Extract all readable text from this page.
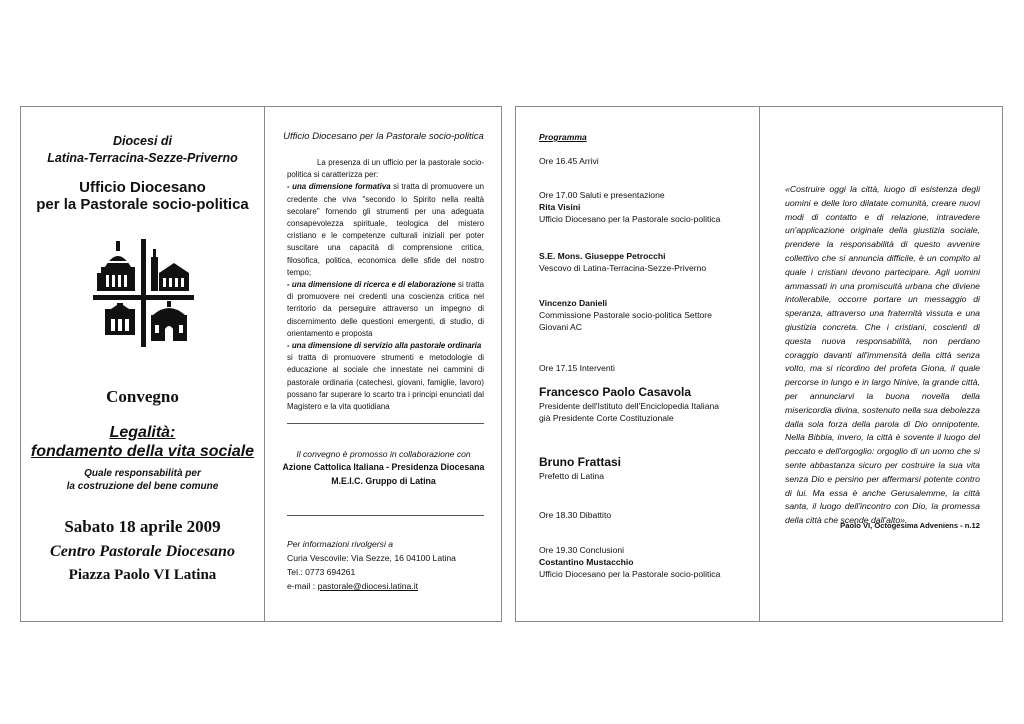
Diocesi di
Latina-Terracina-Sezze-Priverno

Ufficio Diocesano
per la Pastorale socio-politica

Convegno

Legalità:
fondamento della vita sociale

Quale responsabilità per
la costruzione del bene comune

Sabato 18 aprile 2009

Centro Pastorale Diocesano

Piazza Paolo VI Latina

Ufficio Diocesano per la Pastorale socio-politica

La presenza di un ufficio per la pastorale socio-politica si caratterizza per:

- una dimensione formativa si tratta di promuovere un credente che viva "secondo lo Spirito nella realtà secolare" fornendo gli strumenti per una adeguata consapevolezza spirituale, teologica del mistero cristiano e le competenze culturali iniziali per poter suscitare una capacità di comprensione critica, filosofica, politica, economica delle sfide del nostro tempo;

- una dimensione di ricerca e di elaborazione si tratta di promuovere nei credenti una coscienza critica nel territorio da perseguire attraverso un impegno di discernimento delle questioni emergenti, di studio, di orientamento e proposta

- una dimensione di servizio alla pastorale ordinaria

si tratta di promuovere strumenti e metodologie di educazione al sociale che innestate nei cammini di pastorale ordinaria (catechesi, giovani, famiglie, lavoro) possano far superare lo scarto tra i principi enunciati dal Magistero e la vita quotidiana

Il convegno è promosso in collaborazione con

Azione Cattolica Italiana - Presidenza Diocesana

M.E.I.C. Gruppo di Latina

Per informazioni rivolgersi a

Curia Vescovile: Via Sezze, 16 04100 Latina

Tel.: 0773 694261

e-mail : pastorale@diocesi.latina.it

Programma

Ore 16.45 Arrivi

Ore 17.00 Saluti e presentazione

Rita Visini

Ufficio Diocesano per la Pastorale socio-politica

S.E. Mons. Giuseppe Petrocchi

Vescovo di Latina-Terracina-Sezze-Priverno

Vincenzo Danieli

Commissione Pastorale socio-politica Settore

Giovani AC

Ore 17.15 Interventi

Francesco Paolo Casavola

Presidente dell'Istituto dell'Enciclopedia Italiana

già Presidente Corte Costituzionale

Bruno Frattasi

Prefetto di Latina

Ore 18.30 Dibattito

Ore 19.30 Conclusioni

Costantino Mustacchio

Ufficio Diocesano per la Pastorale socio-politica

«Costruire oggi la città, luogo di esistenza degli uomini e delle loro dilatate comunità, creare nuovi modi di contatto e di relazione, intravedere un'applicazione originale della giustizia sociale, prendere la responsabilità di questo avvenire collettivo che si annuncia difficile, è un compito al quale i cristiani devono partecipare. Agli uomini ammassati in una promiscuità urbana che diviene intollerabile, occorre portare un messaggio di speranza, attraverso una fraternità vissuta e una giustizia concreta. Che i cristiani, coscienti di questa nuova responsabilità, non perdano coraggio davanti all'immensità della città senza volto, ma si ricordino del profeta Giona, il quale percorse in lungo e in largo Ninive, la grande città, per annunciarvi la buona novella della misericordia divina, sostenuto nella sua debolezza dalla sola forza della parola di Dio onnipotente. Nella Bibbia, invero, la città è sovente il luogo del peccato e dell'orgoglio: orgoglio di un uomo che si sente abbastanza sicuro per costruire la sua vita senza Dio e persino per affermarsi potente contro di lui. Ma essa è anche Gerusalemme, la città santa, il luogo dell'incontro con Dio, la promessa della città che scende dall'alto».

Paolo VI, Octogesima Adveniens - n.12
